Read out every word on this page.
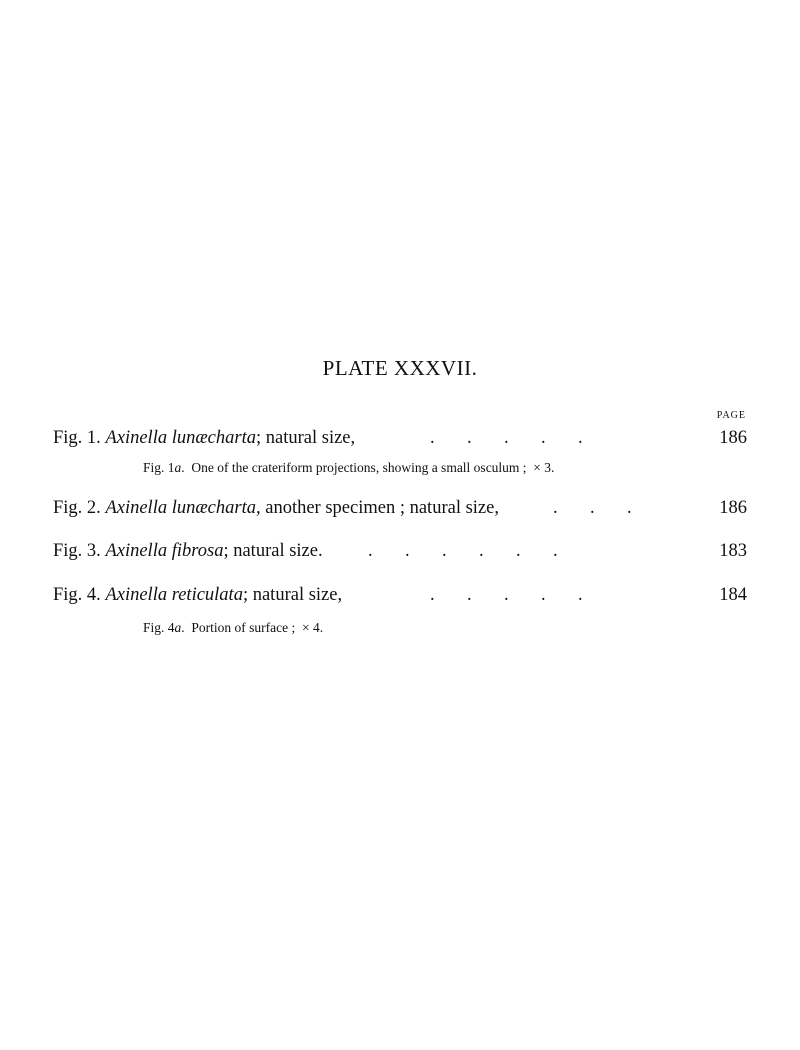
PLATE XXXVII.
PAGE
Fig. 1. Axinella lunæcharta; natural size,	.       .       .       .       .	186
Fig. 1a.  One of the crateriform projections, showing a small osculum ;  × 3.
Fig. 2. Axinella lunæcharta, another specimen ; natural size,	.       .       .	186
Fig. 3. Axinella fibrosa; natural size. .       .       .       .       .       .	183
Fig. 4. Axinella reticulata; natural size,	.       .       .       .       .	184
Fig. 4a.  Portion of surface ;  × 4.
